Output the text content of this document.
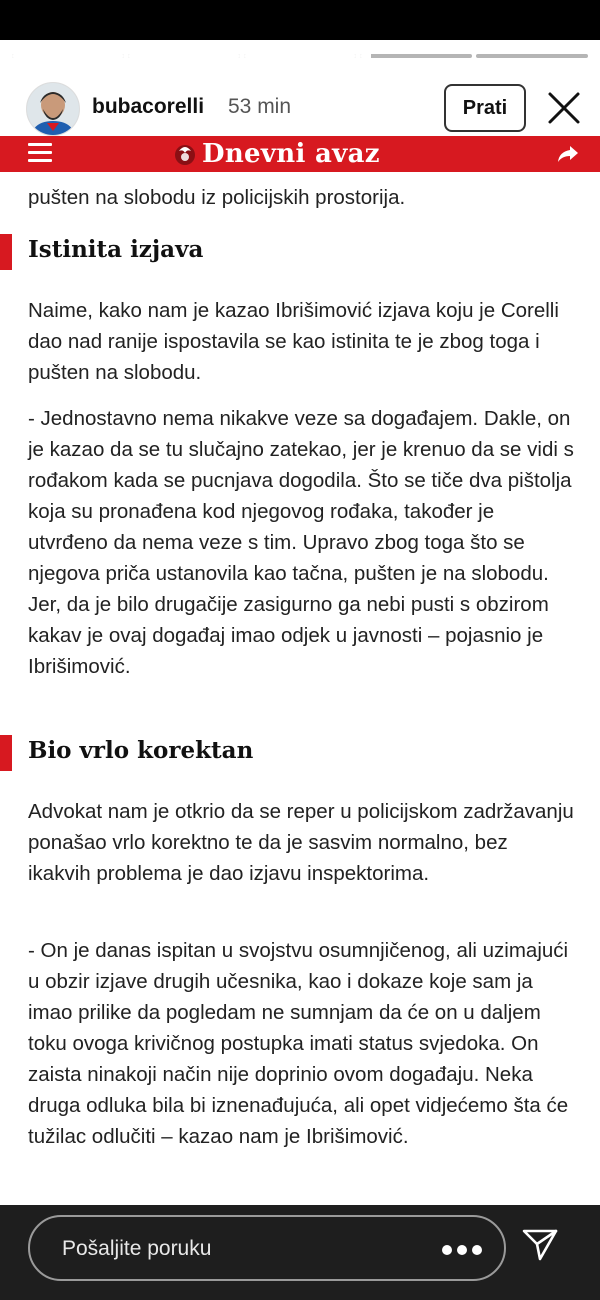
bubacorelli 53 min	Prati
Dnevni avaz

pušten na slobodu iz policijskih prostorija.

Istinita izjava

Naime, kako nam je kazao Ibrišimović izjava koju je Corelli dao nad ranije ispostavila se kao istinita te je zbog toga i pušten na slobodu.

- Jednostavno nema nikakve veze sa događajem. Dakle, on je kazao da se tu slučajno zatekao, jer je krenuo da se vidi s rođakom kada se pucnjava dogodila. Što se tiče dva pištolja koja su pronađena kod njegovog rođaka, također je utvrđeno da nema veze s tim. Upravo zbog toga što se njegova priča ustanovila kao tačna, pušten je na slobodu. Jer, da je bilo drugačije zasigurno ga nebi pusti s obzirom kakav je ovaj događaj imao odjek u javnosti – pojasnio je Ibrišimović.

Bio vrlo korektan

Advokat nam je otkrio da se reper u policijskom zadržavanju ponašao vrlo korektno te da je sasvim normalno, bez ikakvih problema je dao izjavu inspektorima.

- On je danas ispitan u svojstvu osumnjičenog, ali uzimajući u obzir izjave drugih učesnika, kao i dokaze koje sam ja imao prilike da pogledam ne sumnjam da će on u daljem toku ovoga krivičnog postupka imati status svjedoka. On zaista ninakoji način nije doprinio ovom događaju. Neka druga odluka bila bi iznenađujuća, ali opet vidjećemo šta će tužilac odlučiti – kazao nam je Ibrišimović.

Pošaljite poruku
